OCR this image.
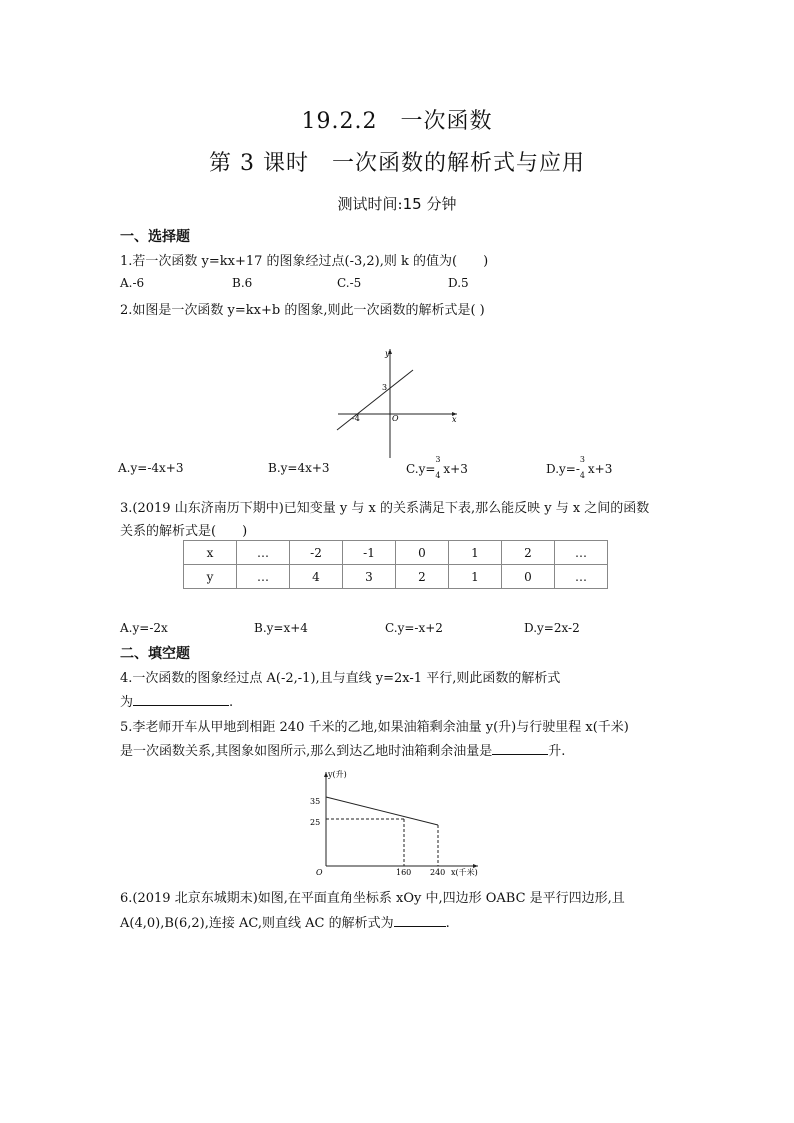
19.2.2　一次函数
第 3 课时　一次函数的解析式与应用
测试时间:15 分钟
一、选择题
1.若一次函数 y=kx+17 的图象经过点(-3,2),则 k 的值为(　　)
A.-6	B.6	C.-5	D.5
2.如图是一次函数 y=kx+b 的图象,则此一次函数的解析式是( )
y
x
3
-4	O
A.y=-4x+3	B.y=4x+3	C.y=
3
4 x+3	D.y=-
3
4 x+3
3.(2019 山东济南历下期中)已知变量 y 与 x 的关系满足下表,那么能反映 y 与 x 之间的函数
关系的解析式是(　　)
x	…	-2	-1	0	1	2	…
y	…	4	3	2	1	0	…
A.y=-2x	B.y=x+4	C.y=-x+2	D.y=2x-2
二、填空题
4.一次函数的图象经过点 A(-2,-1),且与直线 y=2x-1 平行,则此函数的解析式
为	.
5.李老师开车从甲地到相距 240 千米的乙地,如果油箱剩余油量 y(升)与行驶里程 x(千米)
是一次函数关系,其图象如图所示,那么到达乙地时油箱剩余油量是	升.
y(升)
35
25
O	160 240 x(千米)
6.(2019 北京东城期末)如图,在平面直角坐标系 xOy 中,四边形 OABC 是平行四边形,且
A(4,0),B(6,2),连接 AC,则直线 AC 的解析式为	.
